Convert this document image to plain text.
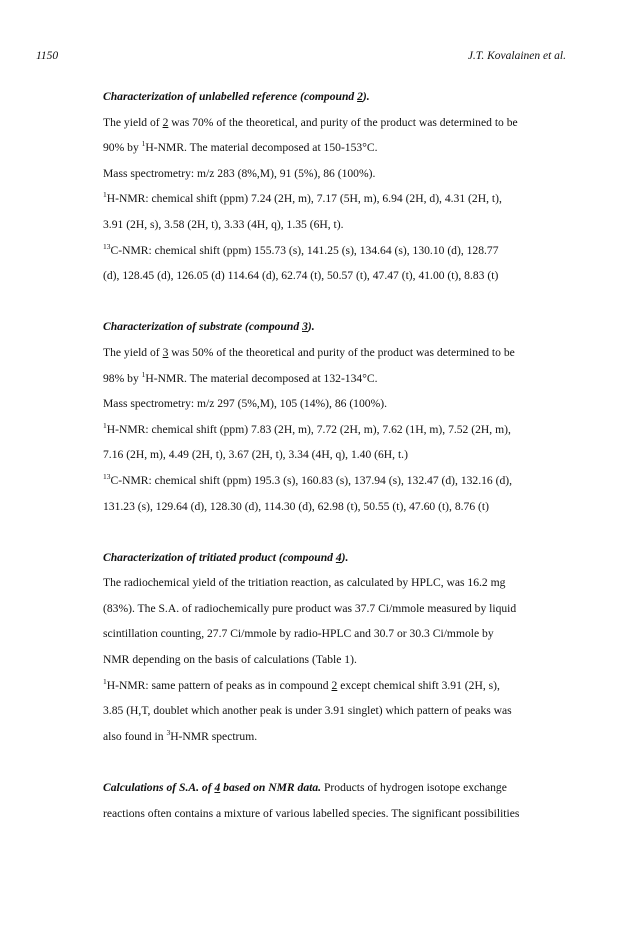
1150	J.T. Kovalainen et al.

Characterization of unlabelled reference (compound 2).

The yield of 2 was 70% of the theoretical, and purity of the product was determined to be

90% by $^1$H-NMR. The material decomposed at 150-153°C.

Mass spectrometry: m/z 283 (8%,M), 91 (5%), 86 (100%).

$^1$H-NMR: chemical shift (ppm) 7.24 (2H, m), 7.17 (5H, m), 6.94 (2H, d), 4.31 (2H, t),

3.91 (2H, s), 3.58 (2H, t), 3.33 (4H, q), 1.35 (6H, t).

$^{13}$C-NMR: chemical shift (ppm) 155.73 (s), 141.25 (s), 134.64 (s), 130.10 (d), 128.77

(d), 128.45 (d), 126.05 (d) 114.64 (d), 62.74 (t), 50.57 (t), 47.47 (t), 41.00 (t), 8.83 (t)

Characterization of substrate (compound 3).

The yield of 3 was 50% of the theoretical and purity of the product was determined to be

98% by $^1$H-NMR. The material decomposed at 132-134°C.

Mass spectrometry: m/z 297 (5%,M), 105 (14%), 86 (100%).

$^1$H-NMR: chemical shift (ppm) 7.83 (2H, m), 7.72 (2H, m), 7.62 (1H, m), 7.52 (2H, m),

7.16 (2H, m), 4.49 (2H, t), 3.67 (2H, t), 3.34 (4H, q), 1.40 (6H, t.)

$^{13}$C-NMR: chemical shift (ppm) 195.3 (s), 160.83 (s), 137.94 (s), 132.47 (d), 132.16 (d),

131.23 (s), 129.64 (d), 128.30 (d), 114.30 (d), 62.98 (t), 50.55 (t), 47.60 (t), 8.76 (t)

Characterization of tritiated product (compound 4).

The radiochemical yield of the tritiation reaction, as calculated by HPLC, was 16.2 mg

(83%). The S.A. of radiochemically pure product was 37.7 Ci/mmole measured by liquid

scintillation counting, 27.7 Ci/mmole by radio-HPLC and 30.7 or 30.3 Ci/mmole by

NMR depending on the basis of calculations (Table 1).

$^1$H-NMR: same pattern of peaks as in compound 2 except chemical shift 3.91 (2H, s),

3.85 (H,T, doublet which another peak is under 3.91 singlet) which pattern of peaks was

also found in $^3$H-NMR spectrum.

Calculations of S.A. of 4 based on NMR data. Products of hydrogen isotope exchange

reactions often contains a mixture of various labelled species. The significant possibilities
